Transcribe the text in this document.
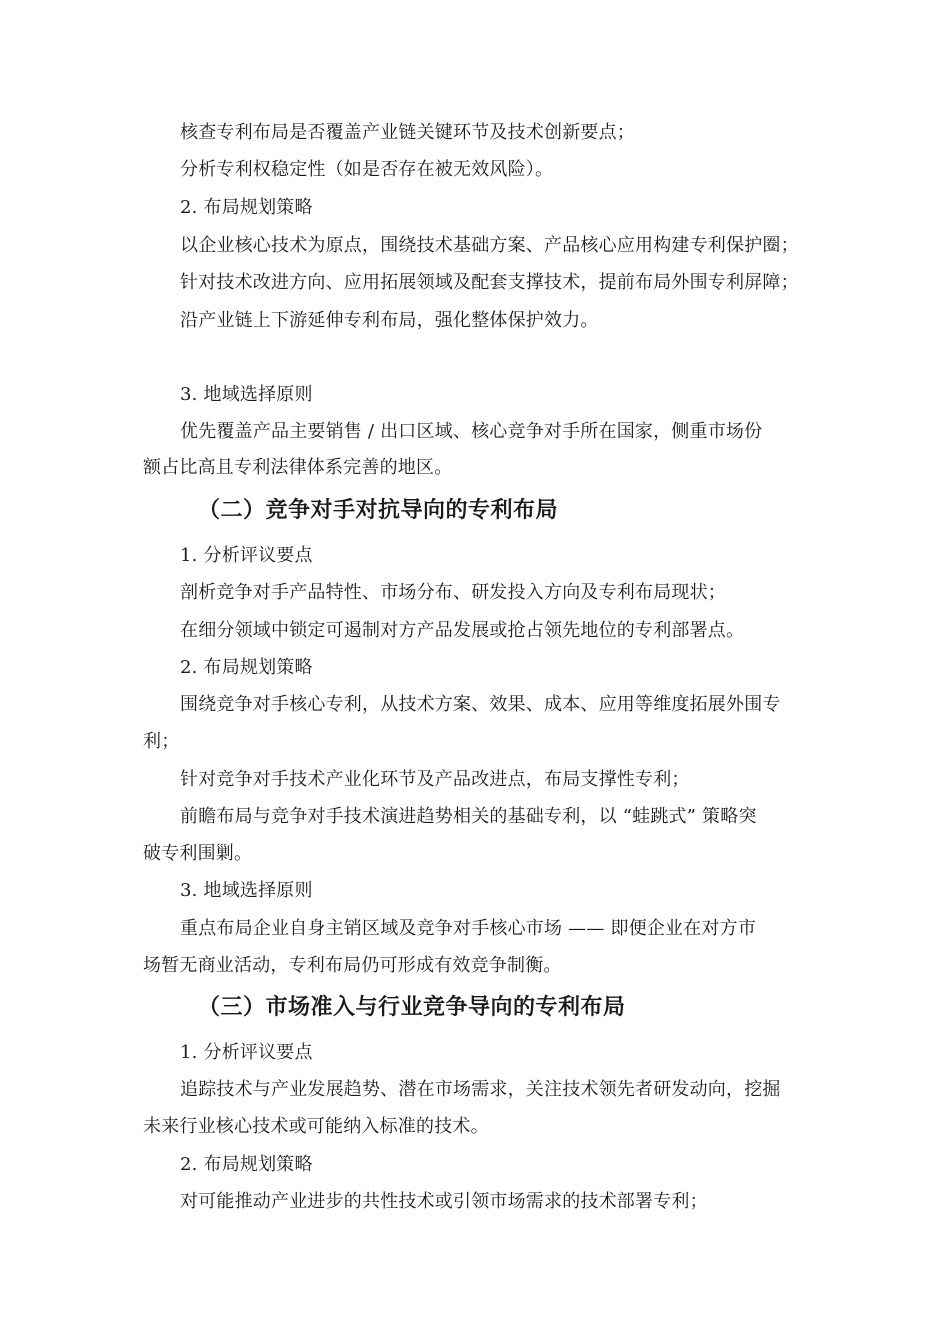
核查专利布局是否覆盖产业链关键环节及技术创新要点；
分析专利权稳定性（如是否存在被无效风险）。
2. 布局规划策略
以企业核心技术为原点，围绕技术基础方案、产品核心应用构建专利保护圈；
针对技术改进方向、应用拓展领域及配套支撑技术，提前布局外围专利屏障；
沿产业链上下游延伸专利布局，强化整体保护效力。
3. 地域选择原则
优先覆盖产品主要销售 / 出口区域、核心竞争对手所在国家，侧重市场份
额占比高且专利法律体系完善的地区。
（二）竞争对手对抗导向的专利布局
1. 分析评议要点
剖析竞争对手产品特性、市场分布、研发投入方向及专利布局现状；
在细分领域中锁定可遏制对方产品发展或抢占领先地位的专利部署点。
2. 布局规划策略
围绕竞争对手核心专利，从技术方案、效果、成本、应用等维度拓展外围专
利；
针对竞争对手技术产业化环节及产品改进点，布局支撑性专利；
前瞻布局与竞争对手技术演进趋势相关的基础专利，以 “蛙跳式” 策略突
破专利围剿。
3. 地域选择原则
重点布局企业自身主销区域及竞争对手核心市场 —— 即便企业在对方市
场暂无商业活动，专利布局仍可形成有效竞争制衡。
（三）市场准入与行业竞争导向的专利布局
1. 分析评议要点
追踪技术与产业发展趋势、潜在市场需求，关注技术领先者研发动向，挖掘
未来行业核心技术或可能纳入标准的技术。
2. 布局规划策略
对可能推动产业进步的共性技术或引领市场需求的技术部署专利；
